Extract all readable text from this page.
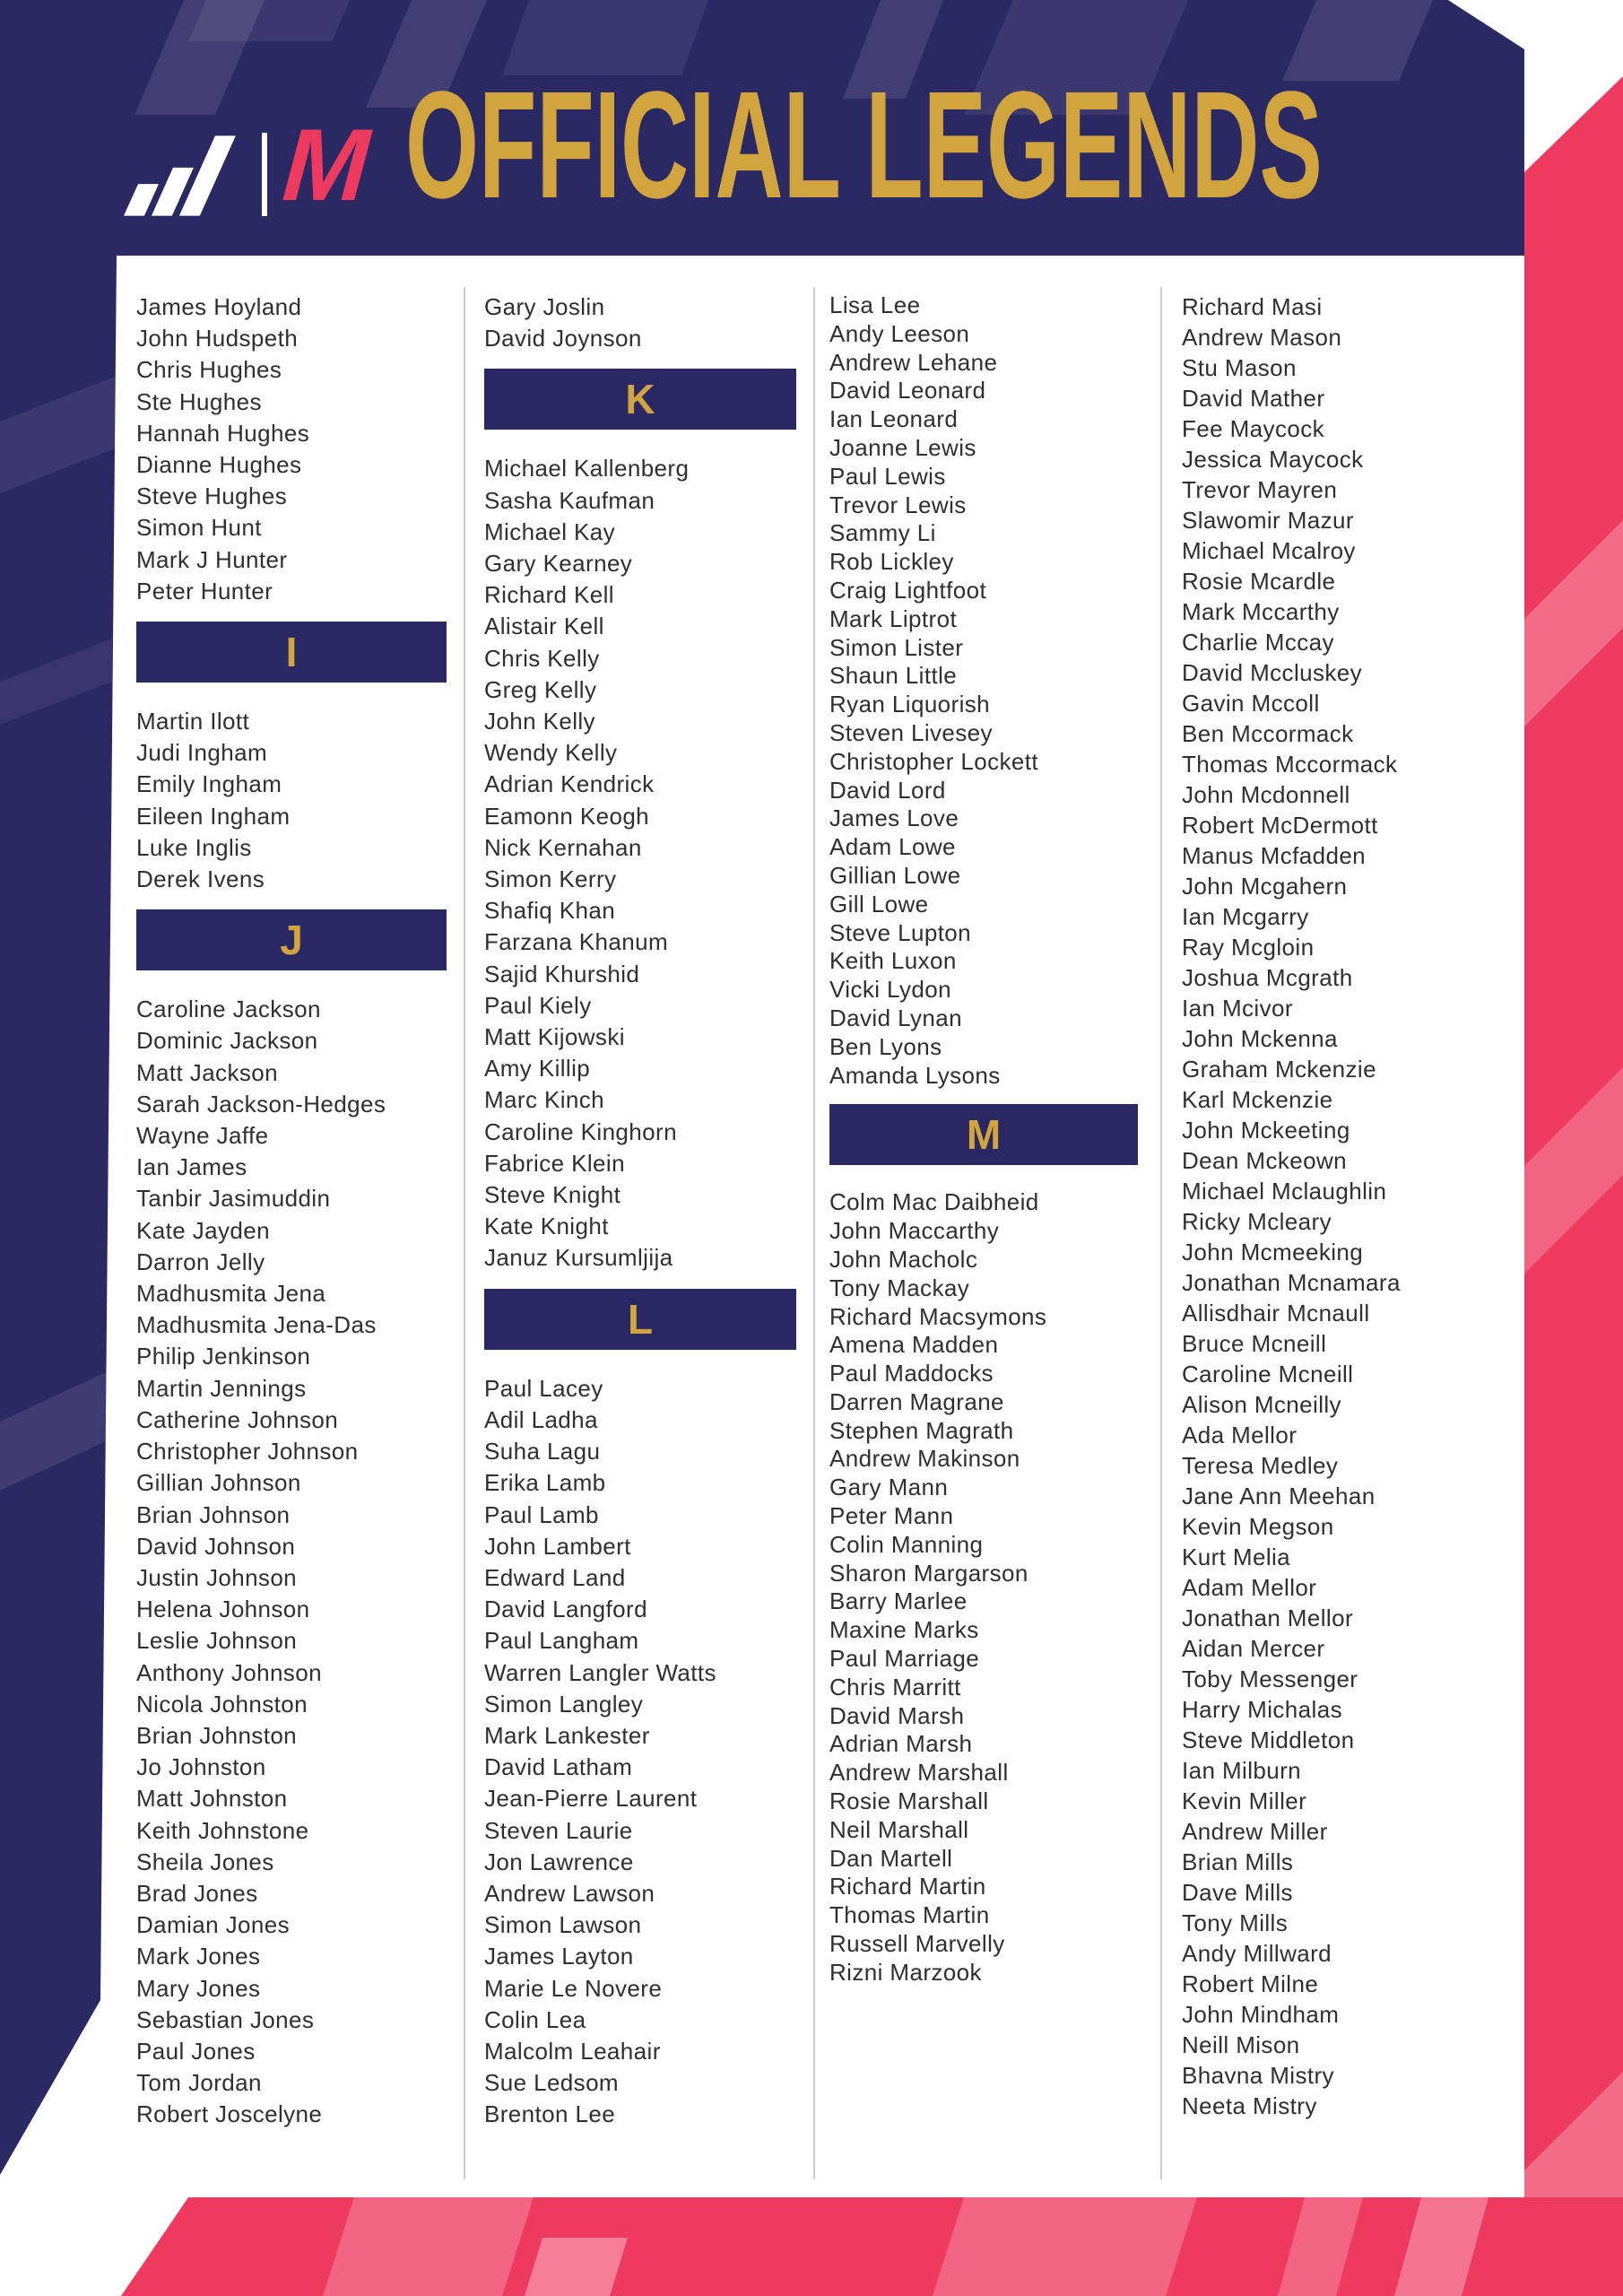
M OFFICIAL LEGENDS
James Hoyland
John Hudspeth
Chris Hughes
Ste Hughes
Hannah Hughes
Dianne Hughes
Steve Hughes
Simon Hunt
Mark J Hunter
Peter Hunter
I
Martin Ilott
Judi Ingham
Emily Ingham
Eileen Ingham
Luke Inglis
Derek Ivens
J
Caroline Jackson
Dominic Jackson
Matt Jackson
Sarah Jackson-Hedges
Wayne Jaffe
Ian James
Tanbir Jasimuddin
Kate Jayden
Darron Jelly
Madhusmita Jena
Madhusmita Jena-Das
Philip Jenkinson
Martin Jennings
Catherine Johnson
Christopher Johnson
Gillian Johnson
Brian Johnson
David Johnson
Justin Johnson
Helena Johnson
Leslie Johnson
Anthony Johnson
Nicola Johnston
Brian Johnston
Jo Johnston
Matt Johnston
Keith Johnstone
Sheila Jones
Brad Jones
Damian Jones
Mark Jones
Mary Jones
Sebastian Jones
Paul Jones
Tom Jordan
Robert Joscelyne
Gary Joslin
David Joynson
K
Michael Kallenberg
Sasha Kaufman
Michael Kay
Gary Kearney
Richard Kell
Alistair Kell
Chris Kelly
Greg Kelly
John Kelly
Wendy Kelly
Adrian Kendrick
Eamonn Keogh
Nick Kernahan
Simon Kerry
Shafiq Khan
Farzana Khanum
Sajid Khurshid
Paul Kiely
Matt Kijowski
Amy Killip
Marc Kinch
Caroline Kinghorn
Fabrice Klein
Steve Knight
Kate Knight
Januz Kursumljija
L
Paul Lacey
Adil Ladha
Suha Lagu
Erika Lamb
Paul Lamb
John Lambert
Edward Land
David Langford
Paul Langham
Warren Langler Watts
Simon Langley
Mark Lankester
David Latham
Jean-Pierre Laurent
Steven Laurie
Jon Lawrence
Andrew Lawson
Simon Lawson
James Layton
Marie Le Novere
Colin Lea
Malcolm Leahair
Sue Ledsom
Brenton Lee
Lisa Lee
Andy Leeson
Andrew Lehane
David Leonard
Ian Leonard
Joanne Lewis
Paul Lewis
Trevor Lewis
Sammy Li
Rob Lickley
Craig Lightfoot
Mark Liptrot
Simon Lister
Shaun Little
Ryan Liquorish
Steven Livesey
Christopher Lockett
David Lord
James Love
Adam Lowe
Gillian Lowe
Gill Lowe
Steve Lupton
Keith Luxon
Vicki Lydon
David Lynan
Ben Lyons
Amanda Lysons
M
Colm Mac Daibheid
John Maccarthy
John Macholc
Tony Mackay
Richard Macsymons
Amena Madden
Paul Maddocks
Darren Magrane
Stephen Magrath
Andrew Makinson
Gary Mann
Peter Mann
Colin Manning
Sharon Margarson
Barry Marlee
Maxine Marks
Paul Marriage
Chris Marritt
David Marsh
Adrian Marsh
Andrew Marshall
Rosie Marshall
Neil Marshall
Dan Martell
Richard Martin
Thomas Martin
Russell Marvelly
Rizni Marzook
Richard Masi
Andrew Mason
Stu Mason
David Mather
Fee Maycock
Jessica Maycock
Trevor Mayren
Slawomir Mazur
Michael Mcalroy
Rosie Mcardle
Mark Mccarthy
Charlie Mccay
David Mccluskey
Gavin Mccoll
Ben Mccormack
Thomas Mccormack
John Mcdonnell
Robert McDermott
Manus Mcfadden
John Mcgahern
Ian Mcgarry
Ray Mcgloin
Joshua Mcgrath
Ian Mcivor
John Mckenna
Graham Mckenzie
Karl Mckenzie
John Mckeeting
Dean Mckeown
Michael Mclaughlin
Ricky Mcleary
John Mcmeeking
Jonathan Mcnamara
Allisdhair Mcnaull
Bruce Mcneill
Caroline Mcneill
Alison Mcneilly
Ada Mellor
Teresa Medley
Jane Ann Meehan
Kevin Megson
Kurt Melia
Adam Mellor
Jonathan Mellor
Aidan Mercer
Toby Messenger
Harry Michalas
Steve Middleton
Ian Milburn
Kevin Miller
Andrew Miller
Brian Mills
Dave Mills
Tony Mills
Andy Millward
Robert Milne
John Mindham
Neill Mison
Bhavna Mistry
Neeta Mistry
